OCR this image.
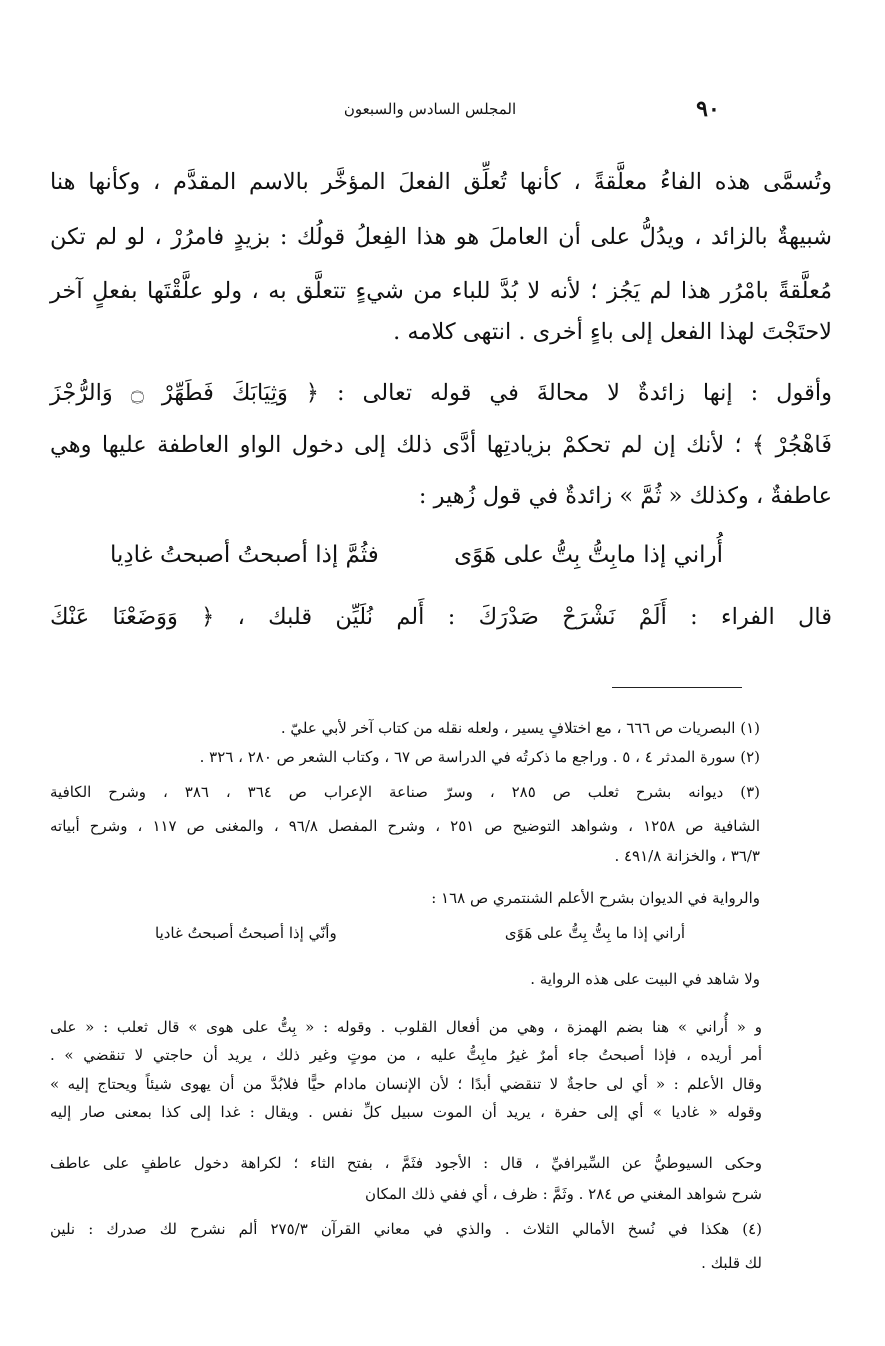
٩٠
المجلس السادس والسبعون
وتُسمَّى هذه الفاءُ معلَّقةً ، كأنها تُعلِّق الفعلَ المؤخَّر بالاسم المقدَّم ، وكأنها هنا
شبيهةٌ بالزائد ، ويدُلُّ على أن العاملَ هو هذا الفِعلُ قولُك : بزيدٍ فامرُرْ ، لو لم تكن
مُعلَّقةً بامْرُر هذا لم يَجُز ؛ لأنه لا بُدَّ للباء من شيءٍ تتعلَّق به ، ولو علَّقْتَها بفعلٍ آخر
لاحتَجْتَ لهذا الفعل إلى باءٍ أخرى . انتهى كلامه .
وأقول : إنها زائدةٌ لا محالةَ في قوله تعالى : ﴿ وَثِيَابَكَ فَطَهِّرْ ۝ وَالرُّجْزَ
فَاهْجُرْ ﴾ ؛ لأنك إن لم تحكمْ بزيادتِها أدَّى ذلك إلى دخول الواو العاطفة عليها وهي
عاطفةٌ ، وكذلك « ثُمَّ » زائدةٌ في قول زُهير :
أُراني إذا مابِتُّ بِتُّ على هَوًى
فثُمَّ إذا أصبحتُ أصبحتُ غادِيا
قال الفراء : أَلَمْ نَشْرَحْ صَدْرَكَ : أَلم نُلَيِّن قلبك ، ﴿ وَوَضَعْنَا عَنْكَ
(١) البصريات ص ٦٦٦ ، مع اختلافٍ يسير ، ولعله نقله من كتاب آخر لأبي عليّ .
(٢) سورة المدثر ٤ ، ٥ . وراجع ما ذكرتُه في الدراسة ص ٦٧ ، وكتاب الشعر ص ٢٨٠ ، ٣٢٦ .
(٣) ديوانه بشرح ثعلب ص ٢٨٥ ، وسرّ صناعة الإعراب ص ٣٦٤ ، ٣٨٦ ، وشرح الكافية
الشافية ص ١٢٥٨ ، وشواهد التوضيح ص ٢٥١ ، وشرح المفصل ٩٦/٨ ، والمغنى ص ١١٧ ، وشرح أبياته
٣٦/٣ ، والخزانة ٤٩١/٨ .
والرواية في الديوان بشرح الأعلم الشنتمري ص ١٦٨ :
أراني إذا ما بِتُّ بِتُّ على هَوًى
وأنّي إذا أصبحتُ أصبحتُ غاديا
ولا شاهد في البيت على هذه الرواية .
و « أُراني » هنا بضم الهمزة ، وهي من أفعال القلوب . وقوله : « بِتُّ على هوى » قال ثعلب : « على
أمر أريده ، فإذا أصبحتُ جاء أمرٌ غيرُ مابِتُّ عليه ، من موتٍ وغير ذلك ، يريد أن حاجتي لا تنقضي » .
وقال الأعلم : « أي لى حاجةٌ لا تنقضي أبدًا ؛ لأن الإنسان مادام حيًّا فلابُدَّ من أن يهوى شيئاً ويحتاج إليه »
وقوله « غاديا » أي إلى حفرة ، يريد أن الموت سبيل كلِّ نفس . ويقال : غدا إلى كذا بمعنى صار إليه
وحكى السيوطيُّ عن السِّيرافيِّ ، قال : الأجود فثَمَّ ، بفتح الثاء ؛ لكراهة دخول عاطفٍ على عاطف
شرح شواهد المغني ص ٢٨٤ . وثَمَّ : ظرف ، أي ففي ذلك المكان
(٤) هكذا في نُسخ الأمالي الثلاث . والذي في معاني القرآن ٢٧٥/٣ ألم نشرح لك صدرك : نلين
لك قلبك .
